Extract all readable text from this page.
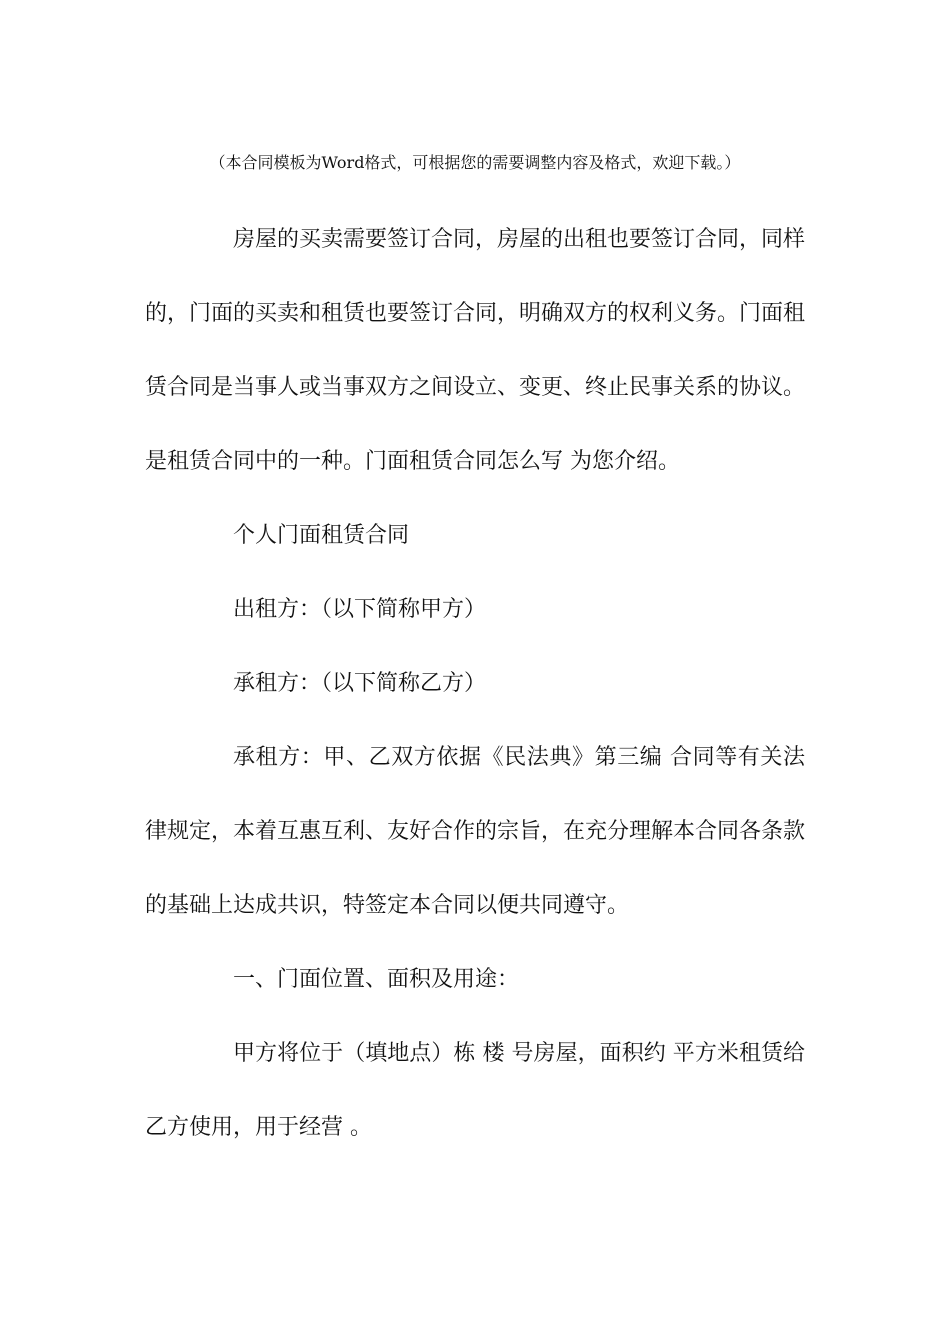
（本合同模板为Word格式，可根据您的需要调整内容及格式，欢迎下载。）

房屋的买卖需要签订合同，房屋的出租也要签订合同，同样的，门面的买卖和租赁也要签订合同，明确双方的权利义务。门面租赁合同是当事人或当事双方之间设立、变更、终止民事关系的协议。是租赁合同中的一种。门面租赁合同怎么写 为您介绍。

个人门面租赁合同

出租方：（以下简称甲方）

承租方：（以下简称乙方）

承租方：甲、乙双方依据《民法典》第三编 合同等有关法律规定，本着互惠互利、友好合作的宗旨，在充分理解本合同各条款的基础上达成共识，特签定本合同以便共同遵守。

一、门面位置、面积及用途：

甲方将位于（填地点）栋 楼 号房屋，面积约 平方米租赁给乙方使用，用于经营 。
